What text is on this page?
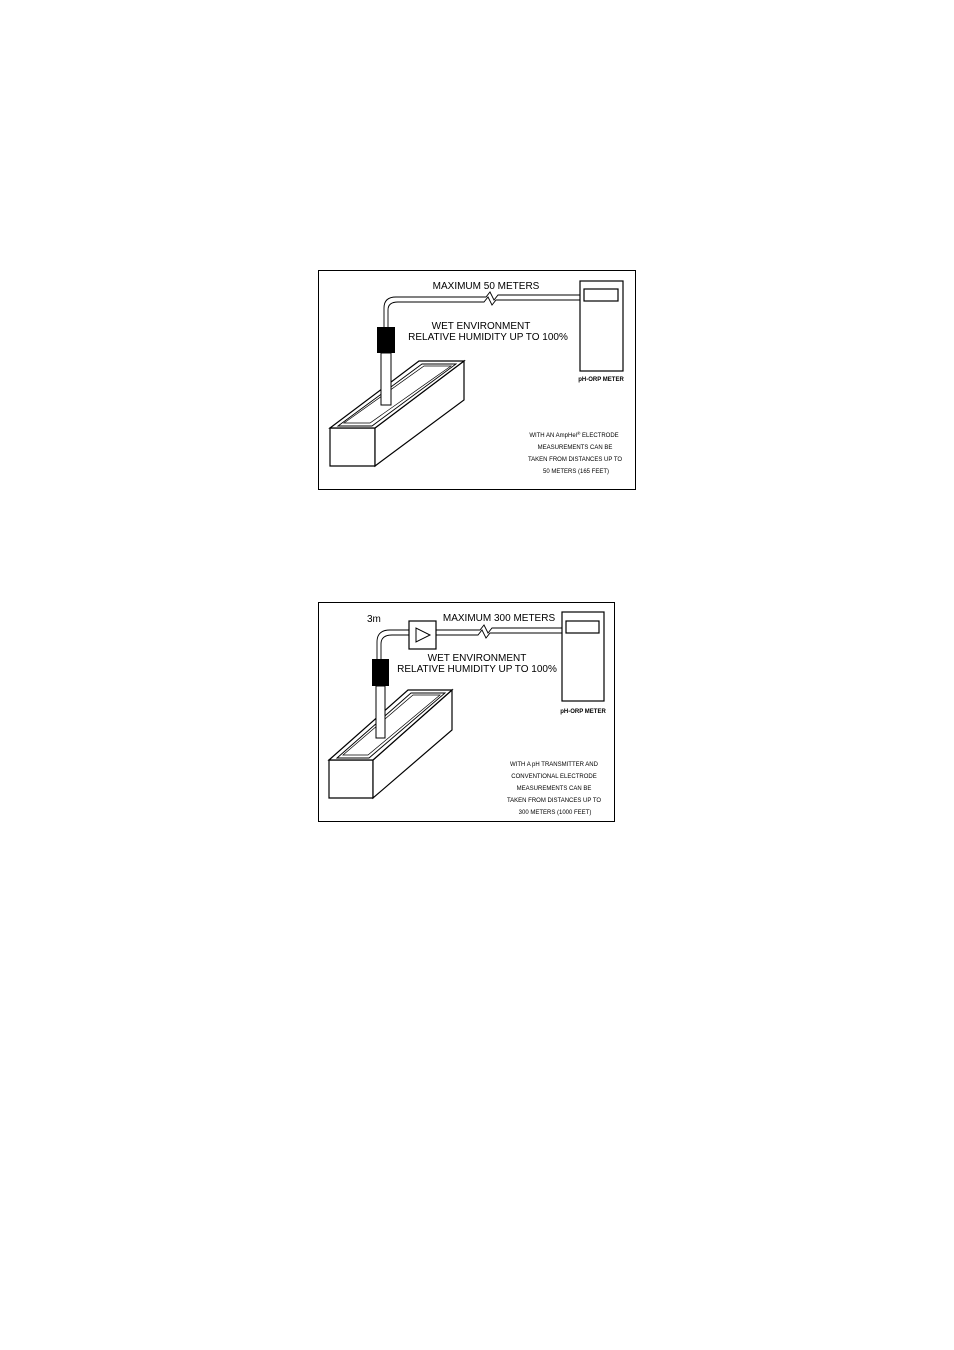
MAXIMUM 50 METERS
WET ENVIRONMENT
RELATIVE HUMIDITY UP TO 100%
pH-ORP METER
WITH AN AmpHel® ELECTRODE
MEASUREMENTS CAN BE
TAKEN FROM DISTANCES UP TO
50 METERS (165 FEET)
3m	MAXIMUM 300 METERS
WET ENVIRONMENT
RELATIVE HUMIDITY UP TO 100%
pH-ORP METER
WITH A pH TRANSMITTER AND
CONVENTIONAL ELECTRODE
MEASUREMENTS CAN BE
TAKEN FROM DISTANCES UP TO
300 METERS (1000 FEET)
